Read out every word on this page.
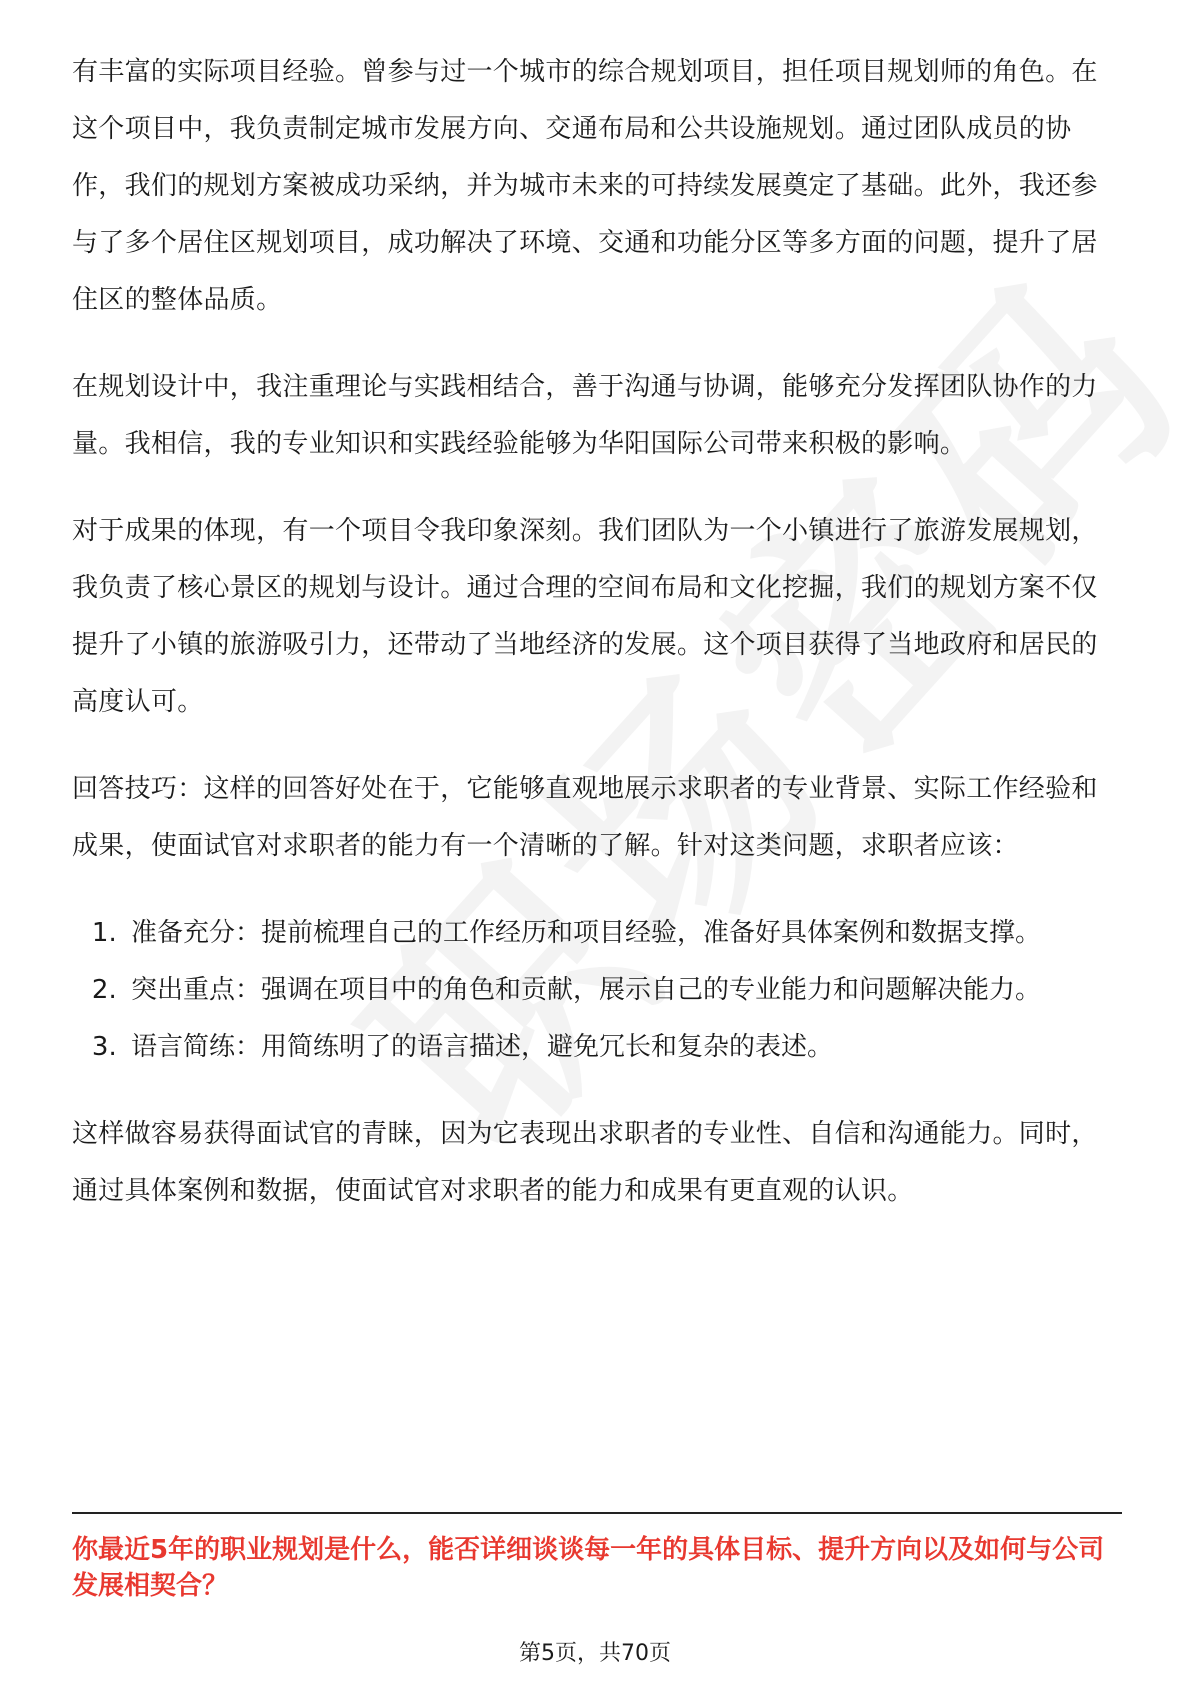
有丰富的实际项目经验。曾参与过一个城市的综合规划项目，担任项目规划师的角色。在这个项目中，我负责制定城市发展方向、交通布局和公共设施规划。通过团队成员的协作，我们的规划方案被成功采纳，并为城市未来的可持续发展奠定了基础。此外，我还参与了多个居住区规划项目，成功解决了环境、交通和功能分区等多方面的问题，提升了居住区的整体品质。

在规划设计中，我注重理论与实践相结合，善于沟通与协调，能够充分发挥团队协作的力量。我相信，我的专业知识和实践经验能够为华阳国际公司带来积极的影响。

对于成果的体现，有一个项目令我印象深刻。我们团队为一个小镇进行了旅游发展规划，我负责了核心景区的规划与设计。通过合理的空间布局和文化挖掘，我们的规划方案不仅提升了小镇的旅游吸引力，还带动了当地经济的发展。这个项目获得了当地政府和居民的高度认可。

回答技巧：这样的回答好处在于，它能够直观地展示求职者的专业背景、实际工作经验和成果，使面试官对求职者的能力有一个清晰的了解。针对这类问题，求职者应该：

1. 准备充分：提前梳理自己的工作经历和项目经验，准备好具体案例和数据支撑。
2. 突出重点：强调在项目中的角色和贡献，展示自己的专业能力和问题解决能力。
3. 语言简练：用简练明了的语言描述，避免冗长和复杂的表述。

这样做容易获得面试官的青睐，因为它表现出求职者的专业性、自信和沟通能力。同时，通过具体案例和数据，使面试官对求职者的能力和成果有更直观的认识。

你最近5年的职业规划是什么，能否详细谈谈每一年的具体目标、提升方向以及如何与公司发展相契合？

第5页，共70页
